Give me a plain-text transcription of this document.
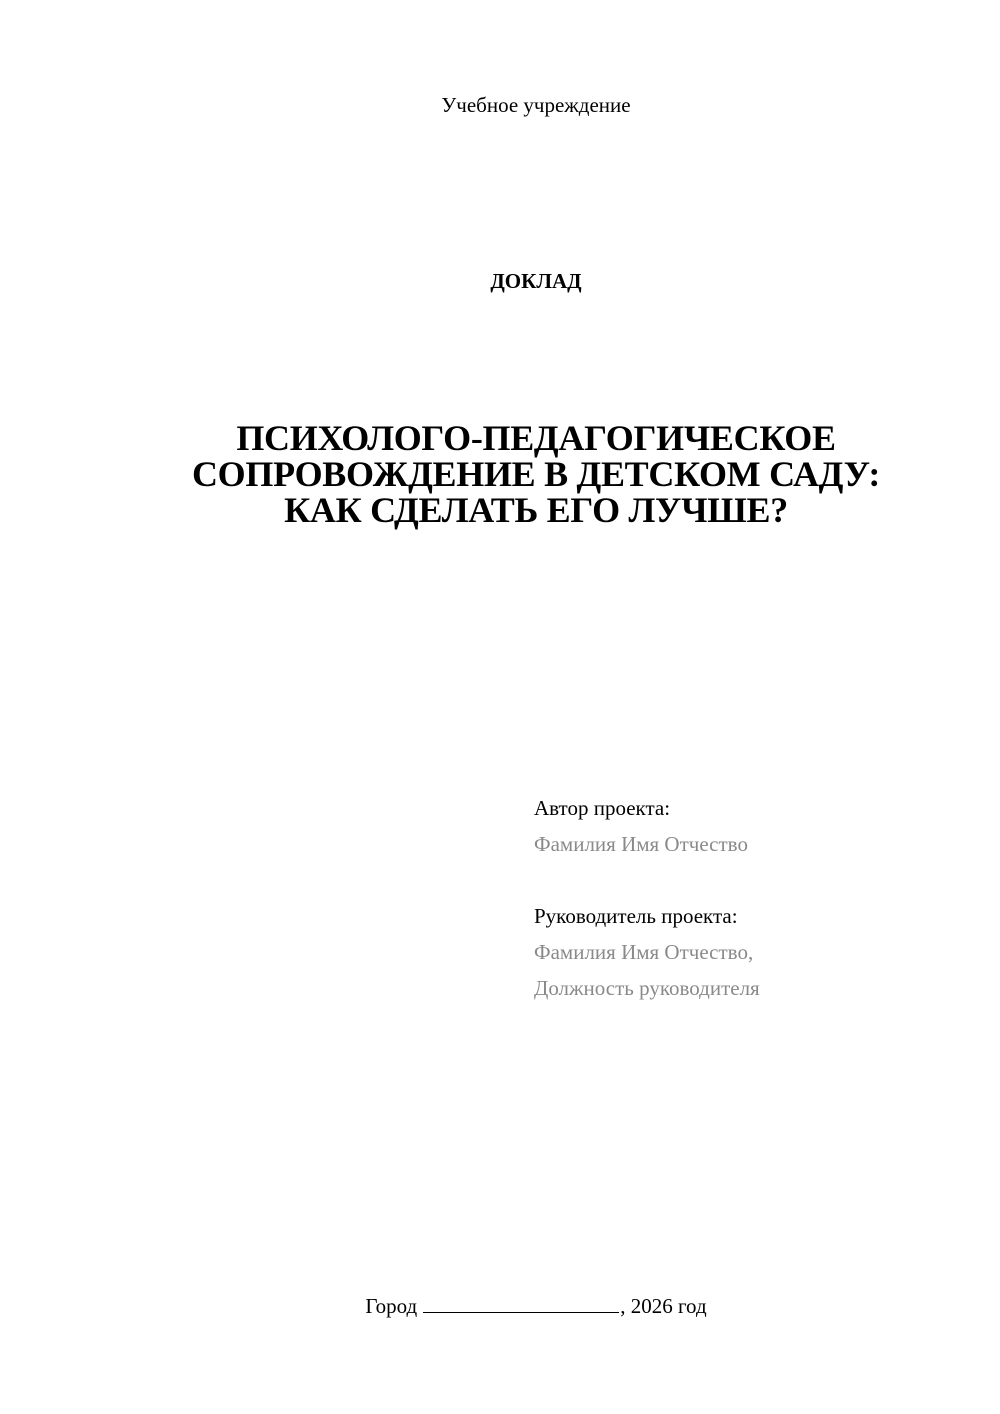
Учебное учреждение
ДОКЛАД
ПСИХОЛОГО-ПЕДАГОГИЧЕСКОЕ
СОПРОВОЖДЕНИЕ В ДЕТСКОМ САДУ:
КАК СДЕЛАТЬ ЕГО ЛУЧШЕ?
Автор проекта:
Фамилия Имя Отчество
Руководитель проекта:
Фамилия Имя Отчество,
Должность руководителя
Город	, 2026 год
